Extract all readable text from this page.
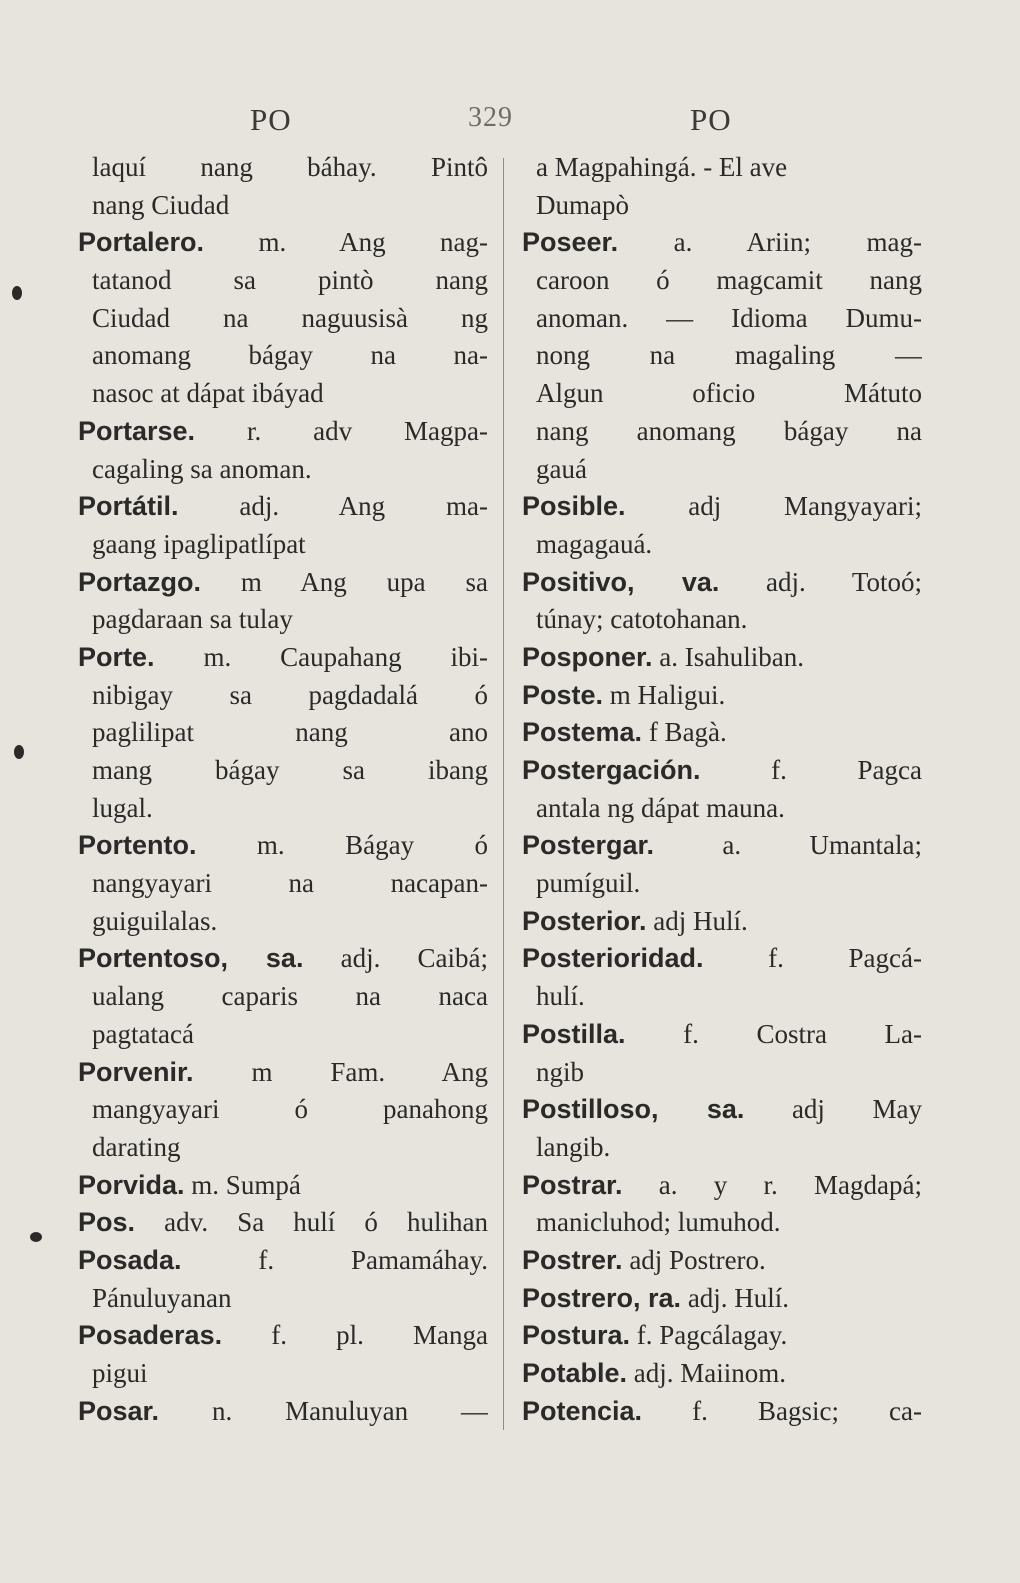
PO	329	PO
laquí nang báhay. Pintô
nang Ciudad
Portalero. m. Ang nag-
tatanod sa pintò nang
Ciudad na naguusisà ng
anomang bágay na na-
nasoc at dápat ibáyad
Portarse. r. adv Magpa-
cagaling sa anoman.
Portátil. adj. Ang ma-
gaang ipaglipatlípat
Portazgo. m Ang upa sa
pagdaraan sa tulay
Porte. m. Caupahang ibi-
nibigay sa pagdadalá ó
paglilipat nang ano
mang bágay sa ibang
lugal.
Portento. m. Bágay ó
nangyayari na nacapan-
guiguilalas.
Portentoso, sa. adj. Caibá;
ualang caparis na naca
pagtatacá
Porvenir. m Fam. Ang
mangyayari ó panahong
darating
Porvida. m. Sumpá
Pos. adv. Sa hulí ó hulihan
Posada. f. Pamamáhay.
Pánuluyanan
Posaderas. f. pl. Manga
pigui
Posar. n. Manuluyan —
a Magpahingá. - El ave
Dumapò
Poseer. a. Ariin; mag-
caroon ó magcamit nang
anoman. — Idioma Dumu-
nong na magaling —
Algun oficio Mátuto
nang anomang bágay na
gauá
Posible. adj Mangyayari;
magagauá.
Positivo, va. adj. Totoó;
túnay; catotohanan.
Posponer. a. Isahuliban.
Poste. m Haligui.
Postema. f Bagà.
Postergación. f. Pagca
antala ng dápat mauna.
Postergar. a. Umantala;
pumíguil.
Posterior. adj Hulí.
Posterioridad. f. Pagcá-
hulí.
Postilla. f. Costra La-
ngib
Postilloso, sa. adj May
langib.
Postrar. a. y r. Magdapá;
manicluhod; lumuhod.
Postrer. adj Postrero.
Postrero, ra. adj. Hulí.
Postura. f. Pagcálagay.
Potable. adj. Maiinom.
Potencia. f. Bagsic; ca-
